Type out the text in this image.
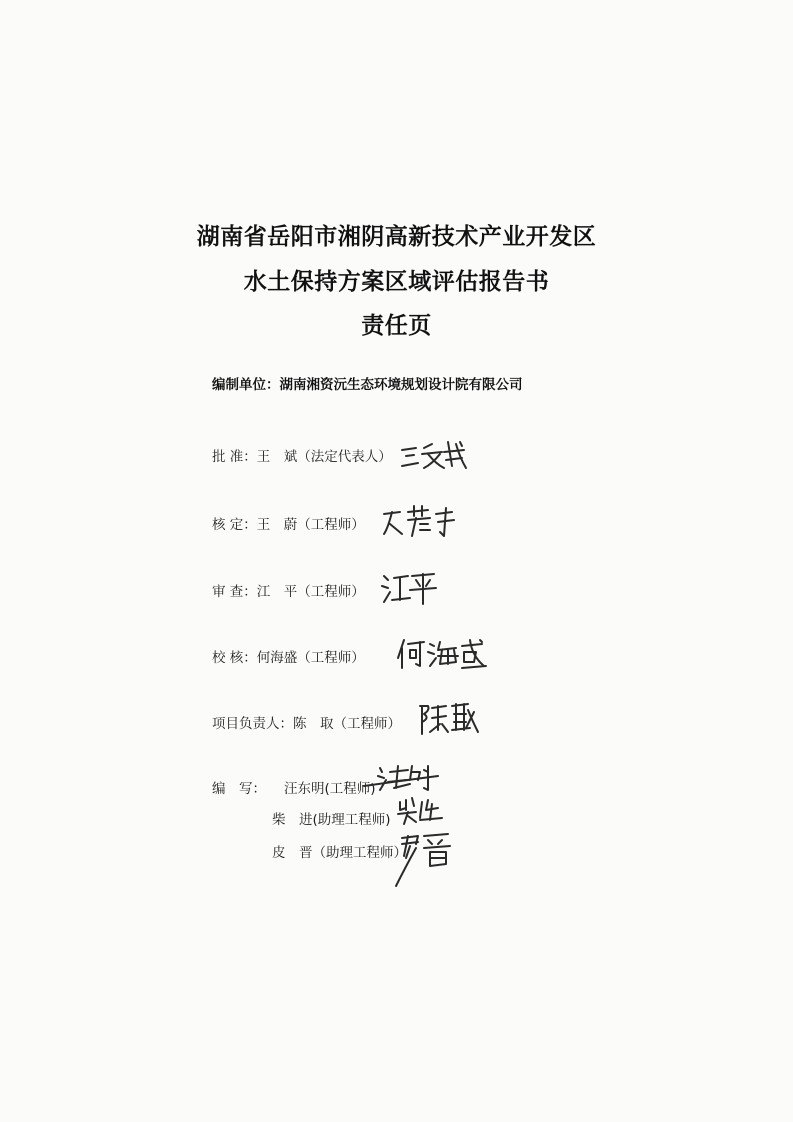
湖南省岳阳市湘阴高新技术产业开发区
水土保持方案区域评估报告书
责任页
编制单位：湖南湘资沅生态环境规划设计院有限公司
批 准：王　斌（法定代表人）
核 定：王　蔚（工程师）
审 查：江　平（工程师）
校 核：何海盛（工程师）
项目负责人：陈　取（工程师）
编　写： 汪东明(工程师)
柴　进(助理工程师)
皮　晋（助理工程师）
